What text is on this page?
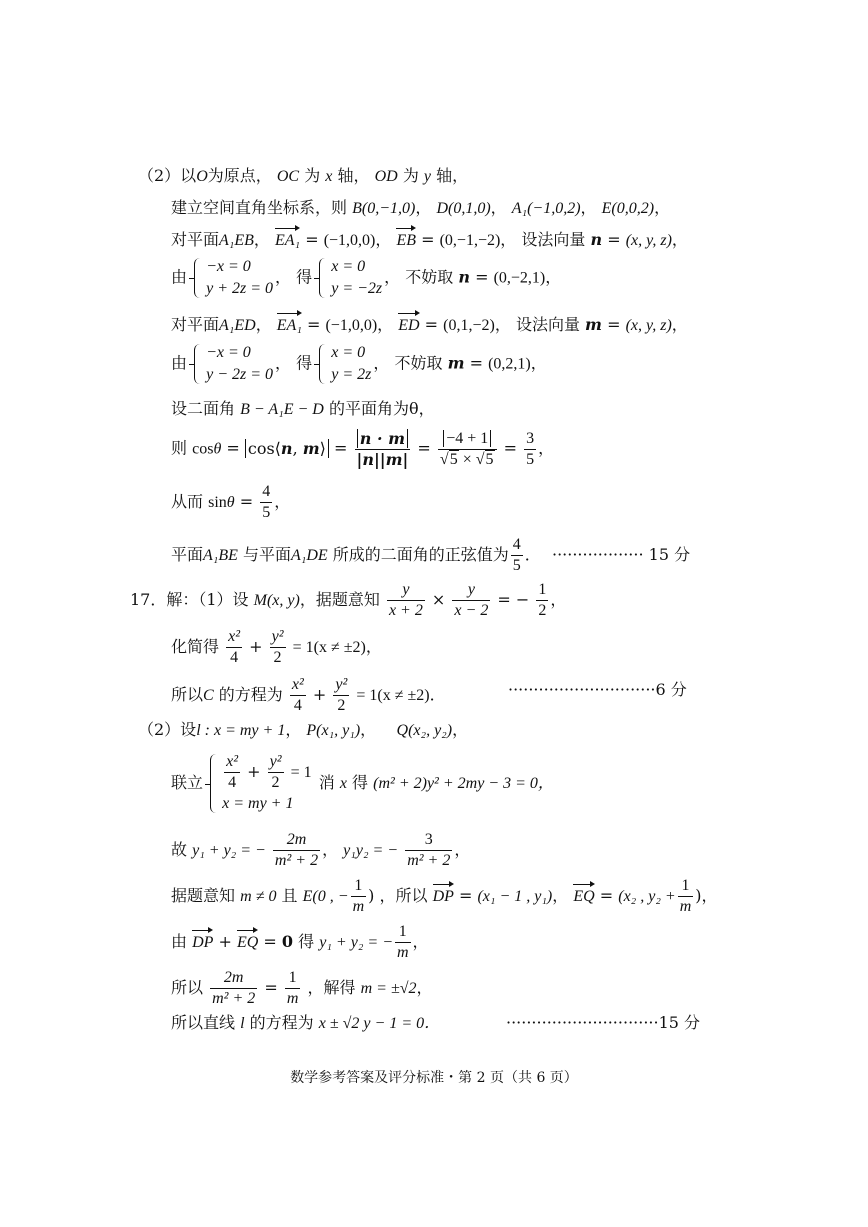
（2）以O为原点， OC 为 x 轴， OD 为 y 轴，
建立空间直角坐标系，则 B(0,−1,0)， D(0,1,0)， A₁(−1,0,2)， E(0,0,2)，
对平面A₁EB， EA₁ = (−1,0,0)， EB = (0,−1,−2)， 设法向量 n = (x, y, z)，
由
−x = 0
y + 2z = 0
， 得
x = 0
y = −2z
， 不妨取 n = (0,−2,1)，
对平面A₁ED， EA₁ = (−1,0,0)， ED = (0,1,−2)， 设法向量 m = (x, y, z)，
由
−x = 0
y − 2z = 0
， 得
x = 0
y = 2z
， 不妨取 m = (0,2,1)，
设二面角 B − A₁E − D 的平面角为θ，
则 cosθ = cos⟨n, m⟩ = $\frac{n \cdot m}{|n||m|} = \frac{-4 + 1}{√5 \times √5} = \frac{3}{5}$ ，
从而 $\sin\theta = \frac{4}{5}$ ，
平面A₁BE 与平面A₁DE 所成的二面角的正弦值为 $\frac{4}{5}$ ． ·················· 15 分
17．解：（1）设 M(x, y)，据题意知 $\frac{y}{x + 2} \times \frac{y}{x - 2}$ = − $\frac{1}{2}$ ，
化简得 $\frac{\text{x²}}{4} + \frac{\text{y²}}{2} = 1(x \ne \pm 2)$，
所以C 的方程为 $\frac{\text{x²}}{4} + \frac{\text{y²}}{2} = 1(x \ne \pm 2)$．	·····························6 分
（2）设l : x = my + 1， P(x₁, y₁)，    Q(x₂, y₂)，
联立 $\frac{\text{x²}}{4} + \frac{\text{y²}}{2} = 1$
x = my + 1
消 x 得 (m² + 2)y² + 2my − 3 = 0，
故 y₁ + y₂ = − $\frac{2m}{\text{m² + 2}}$ ， y₁y₂ = − $\frac{3}{\text{m² + 2}}$ ，
据题意知 m ≠ 0 且 E(0 , − $\frac{1}{m}$ ) ，所以 DP = (x₁ − 1 , y₁)， EQ = (x₂ , $y_2 + \frac{1}{m}$ )，
由 DP + EQ = 0 得 y₁ + y₂ = − $\frac{1}{m}$ ，
所以 $\frac{2m}{\text{m² + 2}} = \frac{1}{m}$ ，解得 m = ±√2，
所以直线 l 的方程为 x ± √2 y − 1 = 0．	······························15 分
数学参考答案及评分标准・第 2 页（共 6 页）
